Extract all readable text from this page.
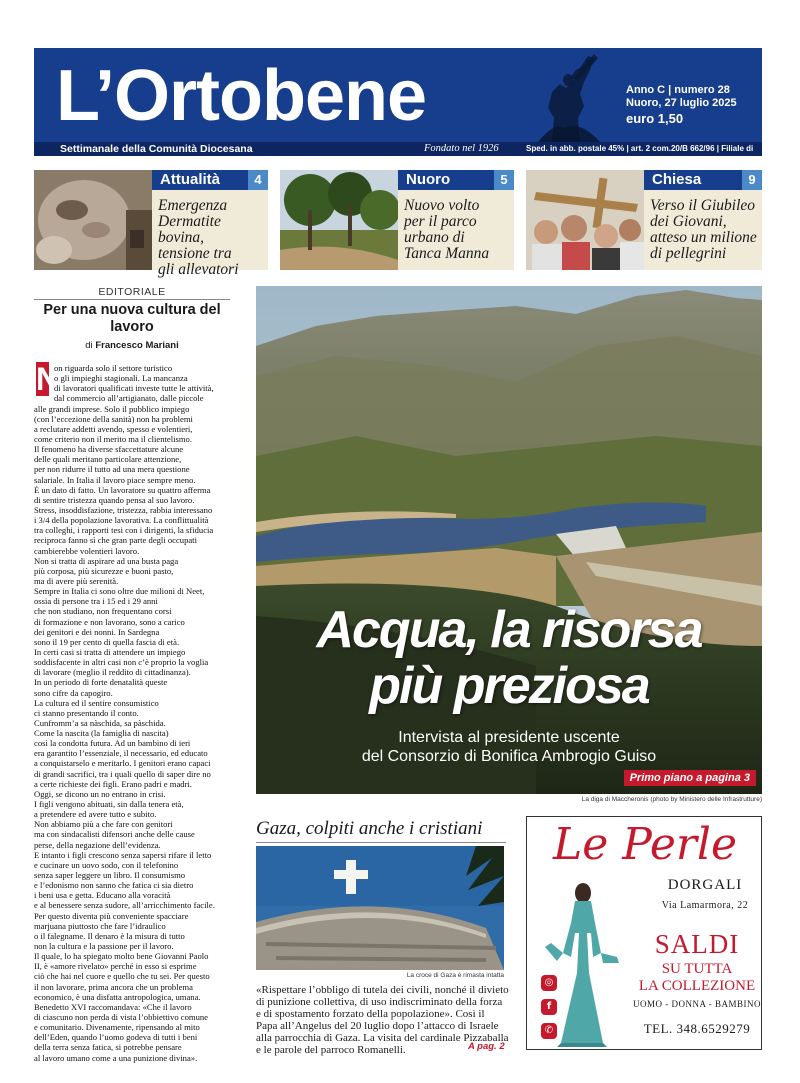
L’Ortobene	Anno C | numero 28
Nuoro, 27 luglio 2025
euro 1,50
Settimanale della Comunità Diocesana	Fondato nel 1926	Sped. in abb. postale 45% | art. 2 com.20/B 662/96 | Filiale di Nuoro
Attualità	4
Emergenza
Dermatite bovina,
tensione tra
gli allevatori
Nuoro	5
Nuovo volto
per il parco
urbano di
Tanca Manna
Chiesa	9
Verso il Giubileo
dei Giovani,
atteso un milione
di pellegrini
EDITORIALE
Per una nuova cultura del lavoro
di Francesco Mariani
N
on riguarda solo il settore turistico
o gli impieghi stagionali. La mancanza
di lavoratori qualificati investe tutte le attività,
dal commercio all’artigianato, dalle piccole
alle grandi imprese. Solo il pubblico impiego
(con l’eccezione della sanità) non ha problemi
a reclutare addetti avendo, spesso e volentieri,
come criterio non il merito ma il clientelismo.
Il fenomeno ha diverse sfaccettature alcune
delle quali meritano particolare attenzione,
per non ridurre il tutto ad una mera questione
salariale. In Italia il lavoro piace sempre meno.
È un dato di fatto. Un lavoratore su quattro afferma
di sentire tristezza quando pensa al suo lavoro.
Stress, insoddisfazione, tristezza, rabbia interessano
i 3/4 della popolazione lavorativa. La conflittualità
tra colleghi, i rapporti tesi con i dirigenti, la sfiducia
reciproca fanno sì che gran parte degli occupati
cambierebbe volentieri lavoro.
Non si tratta di aspirare ad una busta paga
più corposa, più sicurezze e buoni pasto,
ma di avere più serenità.
Sempre in Italia ci sono oltre due milioni di Neet,
ossia di persone tra i 15 ed i 29 anni
che non studiano, non frequentano corsi
di formazione e non lavorano, sono a carico
dei genitori e dei nonni. In Sardegna
sono il 19 per cento di quella fascia di età.
In certi casi si tratta di attendere un impiego
soddisfacente in altri casi non c’è proprio la voglia
di lavorare (meglio il reddito di cittadinanza).
In un periodo di forte denatalità queste
sono cifre da capogiro.
La cultura ed il sentire consumistico
ci stanno presentando il conto.
Cunfromm’a sa nàschida, sa pàschida.
Come la nascita (la famiglia di nascita)
così la condotta futura. Ad un bambino di ieri
era garantito l’essenziale, il necessario, ed educato
a conquistarselo e meritarlo. I genitori erano capaci
di grandi sacrifici, tra i quali quello di saper dire no
a certe richieste dei figli. Erano padri e madri.
Oggi, se dicono un no entrano in crisi.
I figli vengono abituati, sin dalla tenera età,
a pretendere ed avere tutto e subito.
Non abbiamo più a che fare con genitori
ma con sindacalisti difensori anche delle cause
perse, della negazione dell’evidenza.
E intanto i figli crescono senza sapersi rifare il letto
e cucinare un uovo sodo, con il telefonino
senza saper leggere un libro. Il consumismo
e l’edonismo non sanno che fatica ci sia dietro
i beni usa e getta. Educano alla voracità
e al benessere senza sudore, all’arricchimento facile.
Per questo diventa più conveniente spacciare
marjuana piuttosto che fare l’idraulico
o il falegname. Il denaro è la misura di tutto
non la cultura e la passione per il lavoro.
Il quale, lo ha spiegato molto bene Giovanni Paolo
II, è «amore rivelato» perché in esso si esprime
ciò che hai nel cuore e quello che tu sei. Per questo
il non lavorare, prima ancora che un problema
economico, è una disfatta antropologica, umana.
Benedetto XVI raccomandava: «Che il lavoro
di ciascuno non perda di vista l’obbiettivo comune
e comunitario. Divenamente, ripensando al mito
dell’Eden, quando l’uomo godeva di tutti i beni
della terra senza fatica, si potrebbe pensare
al lavoro umano come a una punizione divina».
Acqua, la risorsa
più preziosa
Intervista al presidente uscente
del Consorzio di Bonifica Ambrogio Guiso
Primo piano a pagina 3
La diga di Maccheronis (photo by Ministero delle Infrastrutture)
Gaza, colpiti anche i cristiani
La croce di Gaza è rimasta intatta
«Rispettare l’obbligo di tutela dei civili, nonché il divieto
di punizione collettiva, di uso indiscriminato della forza
e di spostamento forzato della popolazione». Così il
Papa all’Angelus del 20 luglio dopo l’attacco di Israele
alla parrocchia di Gaza. La visita del cardinale Pizzaballa
e le parole del parroco Romanelli.	A pag. 2
Le Perle
DORGALI
Via Lamarmora, 22
SALDI
SU TUTTA
LA COLLEZIONE
UOMO - DONNA - BAMBINO
TEL. 348.6529279
◎
f
✆
